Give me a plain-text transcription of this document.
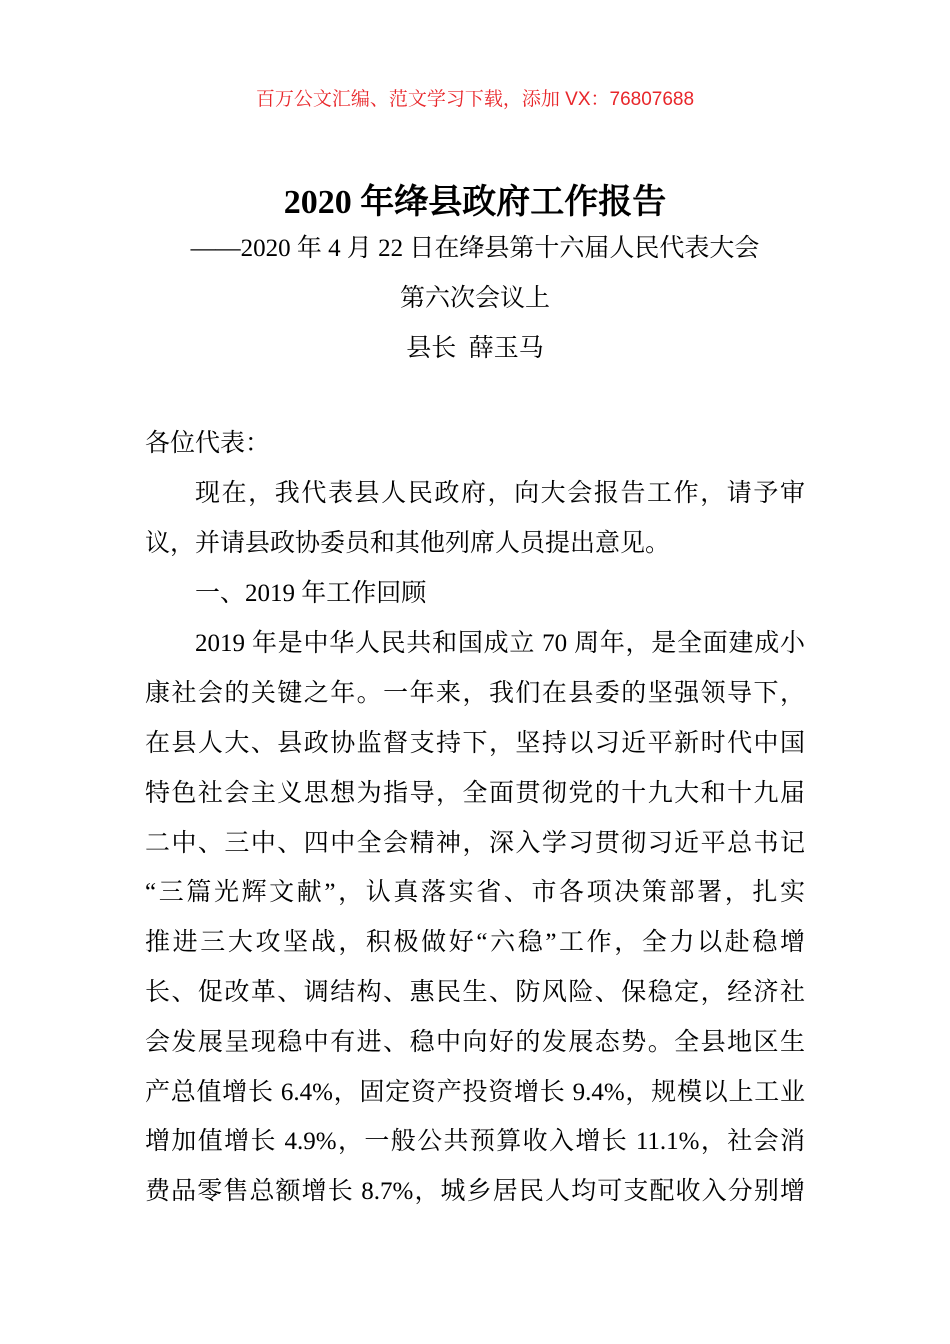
百万公文汇编、范文学习下载，添加 VX：76807688
2020 年绛县政府工作报告
——2020 年 4 月 22 日在绛县第十六届人民代表大会
第六次会议上
县长  薛玉马
各位代表：
现在，我代表县人民政府，向大会报告工作，请予审
议，并请县政协委员和其他列席人员提出意见。
一、2019 年工作回顾
2019 年是中华人民共和国成立 70 周年，是全面建成小
康社会的关键之年。一年来，我们在县委的坚强领导下，
在县人大、县政协监督支持下，坚持以习近平新时代中国
特色社会主义思想为指导，全面贯彻党的十九大和十九届
二中、三中、四中全会精神，深入学习贯彻习近平总书记
“三篇光辉文献”，认真落实省、市各项决策部署，扎实
推进三大攻坚战，积极做好“六稳”工作，全力以赴稳增
长、促改革、调结构、惠民生、防风险、保稳定，经济社
会发展呈现稳中有进、稳中向好的发展态势。全县地区生
产总值增长 6.4%，固定资产投资增长 9.4%，规模以上工业
增加值增长 4.9%，一般公共预算收入增长 11.1%，社会消
费品零售总额增长 8.7%，城乡居民人均可支配收入分别增
